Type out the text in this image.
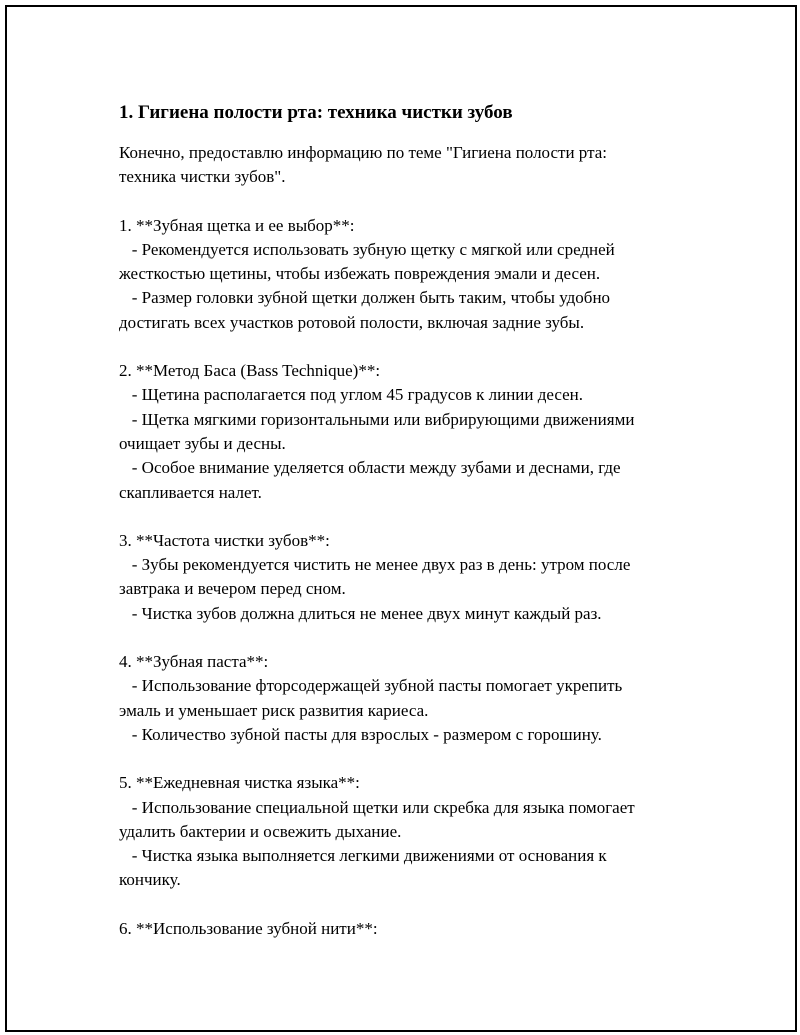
1. Гигиена полости рта: техника чистки зубов
Конечно, предоставлю информацию по теме "Гигиена полости рта:
техника чистки зубов".
1. **Зубная щетка и ее выбор**:
- Рекомендуется использовать зубную щетку с мягкой или средней
жесткостью щетины, чтобы избежать повреждения эмали и десен.
- Размер головки зубной щетки должен быть таким, чтобы удобно
достигать всех участков ротовой полости, включая задние зубы.
2. **Метод Баса (Bass Technique)**:
- Щетина располагается под углом 45 градусов к линии десен.
- Щетка мягкими горизонтальными или вибрирующими движениями
очищает зубы и десны.
- Особое внимание уделяется области между зубами и деснами, где
скапливается налет.
3. **Частота чистки зубов**:
- Зубы рекомендуется чистить не менее двух раз в день: утром после
завтрака и вечером перед сном.
- Чистка зубов должна длиться не менее двух минут каждый раз.
4. **Зубная паста**:
- Использование фторсодержащей зубной пасты помогает укрепить
эмаль и уменьшает риск развития кариеса.
- Количество зубной пасты для взрослых - размером с горошину.
5. **Ежедневная чистка языка**:
- Использование специальной щетки или скребка для языка помогает
удалить бактерии и освежить дыхание.
- Чистка языка выполняется легкими движениями от основания к
кончику.
6. **Использование зубной нити**:
